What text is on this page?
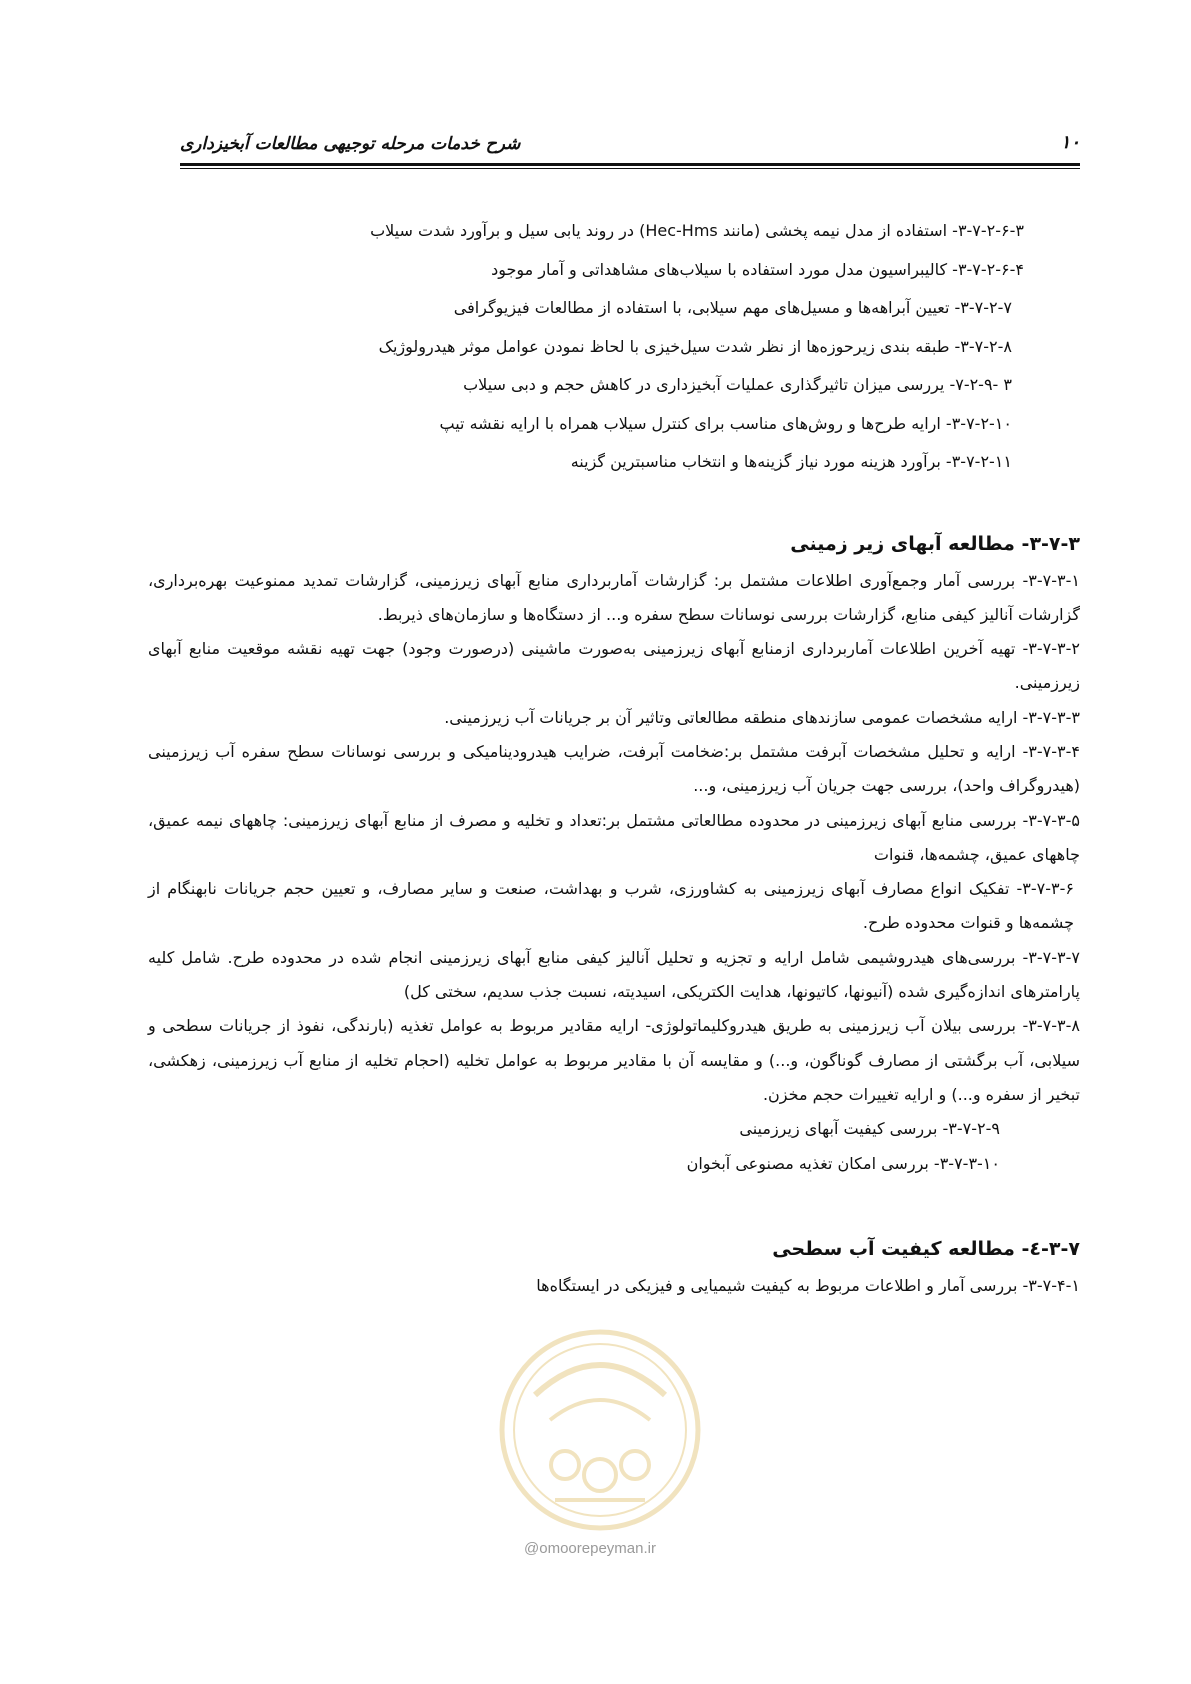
شرح خدمات مرحله توجیهی مطالعات آبخیزداری	۱۰
۳-۷-۲-۶-۳- استفاده از مدل نیمه پخشی (مانند Hec-Hms) در روند یابی سیل و برآورد شدت سیلاب
۳-۷-۲-۶-۴- کالیبراسیون مدل مورد استفاده با سیلاب‌های مشاهداتی و آمار موجود
۳-۷-۲-۷- تعیین آبراهه‌ها و مسیل‌های مهم سیلابی، با استفاده از مطالعات فیزیوگرافی
۳-۷-۲-۸- طبقه بندی زیرحوزه‌ها از نظر شدت سیل‌خیزی با لحاظ نمودن عوامل موثر هیدرولوژیک
۳ -۷-۲-۹- یررسی میزان تاثیرگذاری عملیات آبخیزداری در کاهش حجم و دبی سیلاب
۳-۷-۲-۱۰- ارایه طرح‌ها و روش‌های مناسب برای کنترل سیلاب همراه با ارایه نقشه تیپ
۳-۷-۲-۱۱- برآورد هزینه مورد نیاز گزینه‌ها و انتخاب مناسبترین گزینه
۳-۷-۳- مطالعه آبهای زیر زمینی

۳-۷-۳-۱- بررسی آمار وجمع‌آوری اطلاعات مشتمل بر: گزارشات آماربرداری منابع آبهای زیرزمینی، گزارشات تمدید ممنوعیت بهره‌برداری، گزارشات آنالیز کیفی منابع، گزارشات بررسی نوسانات سطح سفره و... از دستگاه‌ها و سازمان‌های ذیربط.

۳-۷-۳-۲- تهیه آخرین اطلاعات آماربرداری ازمنابع آبهای زیرزمینی به‌صورت ماشینی (درصورت وجود) جهت تهیه نقشه موقعیت منابع آبهای زیرزمینی.

۳-۷-۳-۳- ارایه مشخصات عمومی سازندهای منطقه مطالعاتی وتاثیر آن بر جریانات آب زیرزمینی.

۳-۷-۳-۴- ارایه و تحلیل مشخصات آبرفت مشتمل بر:ضخامت آبرفت، ضرایب هیدرودینامیکی و بررسی نوسانات سطح سفره آب زیرزمینی (هیدروگراف واحد)، بررسی جهت جریان آب زیرزمینی، و...

۳-۷-۳-۵- بررسی منابع آبهای زیرزمینی در محدوده مطالعاتی مشتمل بر:تعداد و تخلیه و مصرف از منابع آبهای زیرزمینی: چاههای نیمه عمیق، چاههای عمیق، چشمه‌ها، قنوات

۳-۷-۳-۶- تفکیک انواع مصارف آبهای زیرزمینی به کشاورزی، شرب و بهداشت، صنعت و سایر مصارف، و تعیین حجم جریانات نابهنگام از چشمه‌ها و قنوات محدوده طرح.

۳-۷-۳-۷- بررسی‌های هیدروشیمی شامل ارایه و تجزیه و تحلیل آنالیز کیفی منابع آبهای زیرزمینی انجام شده در محدوده طرح. شامل کلیه پارامترهای اندازه‌گیری شده (آنیونها، کاتیونها، هدایت الکتریکی، اسیدیته، نسبت جذب سدیم، سختی کل)

۳-۷-۳-۸- بررسی بیلان آب زیرزمینی به طریق هیدروکلیماتولوژی- ارایه مقادیر مربوط به عوامل تغذیه (بارندگی، نفوذ از جریانات سطحی و سیلابی، آب برگشتی از مصارف گوناگون، و...) و مقایسه آن با مقادیر مربوط به عوامل تخلیه (احجام تخلیه از منابع آب زیرزمینی، زهکشی، تبخیر از سفره و...) و ارایه تغییرات حجم مخزن.

۳-۷-۲-۹- بررسی کیفیت آبهای زیرزمینی

۳-۷-۳-۱۰- بررسی امکان تغذیه مصنوعی آبخوان

۳-۷-٤- مطالعه کیفیت آب سطحی

۳-۷-۴-۱- بررسی آمار و اطلاعات مربوط به کیفیت شیمیایی و فیزیکی در ایستگاه‌ها

@omoorepeyman.ir
